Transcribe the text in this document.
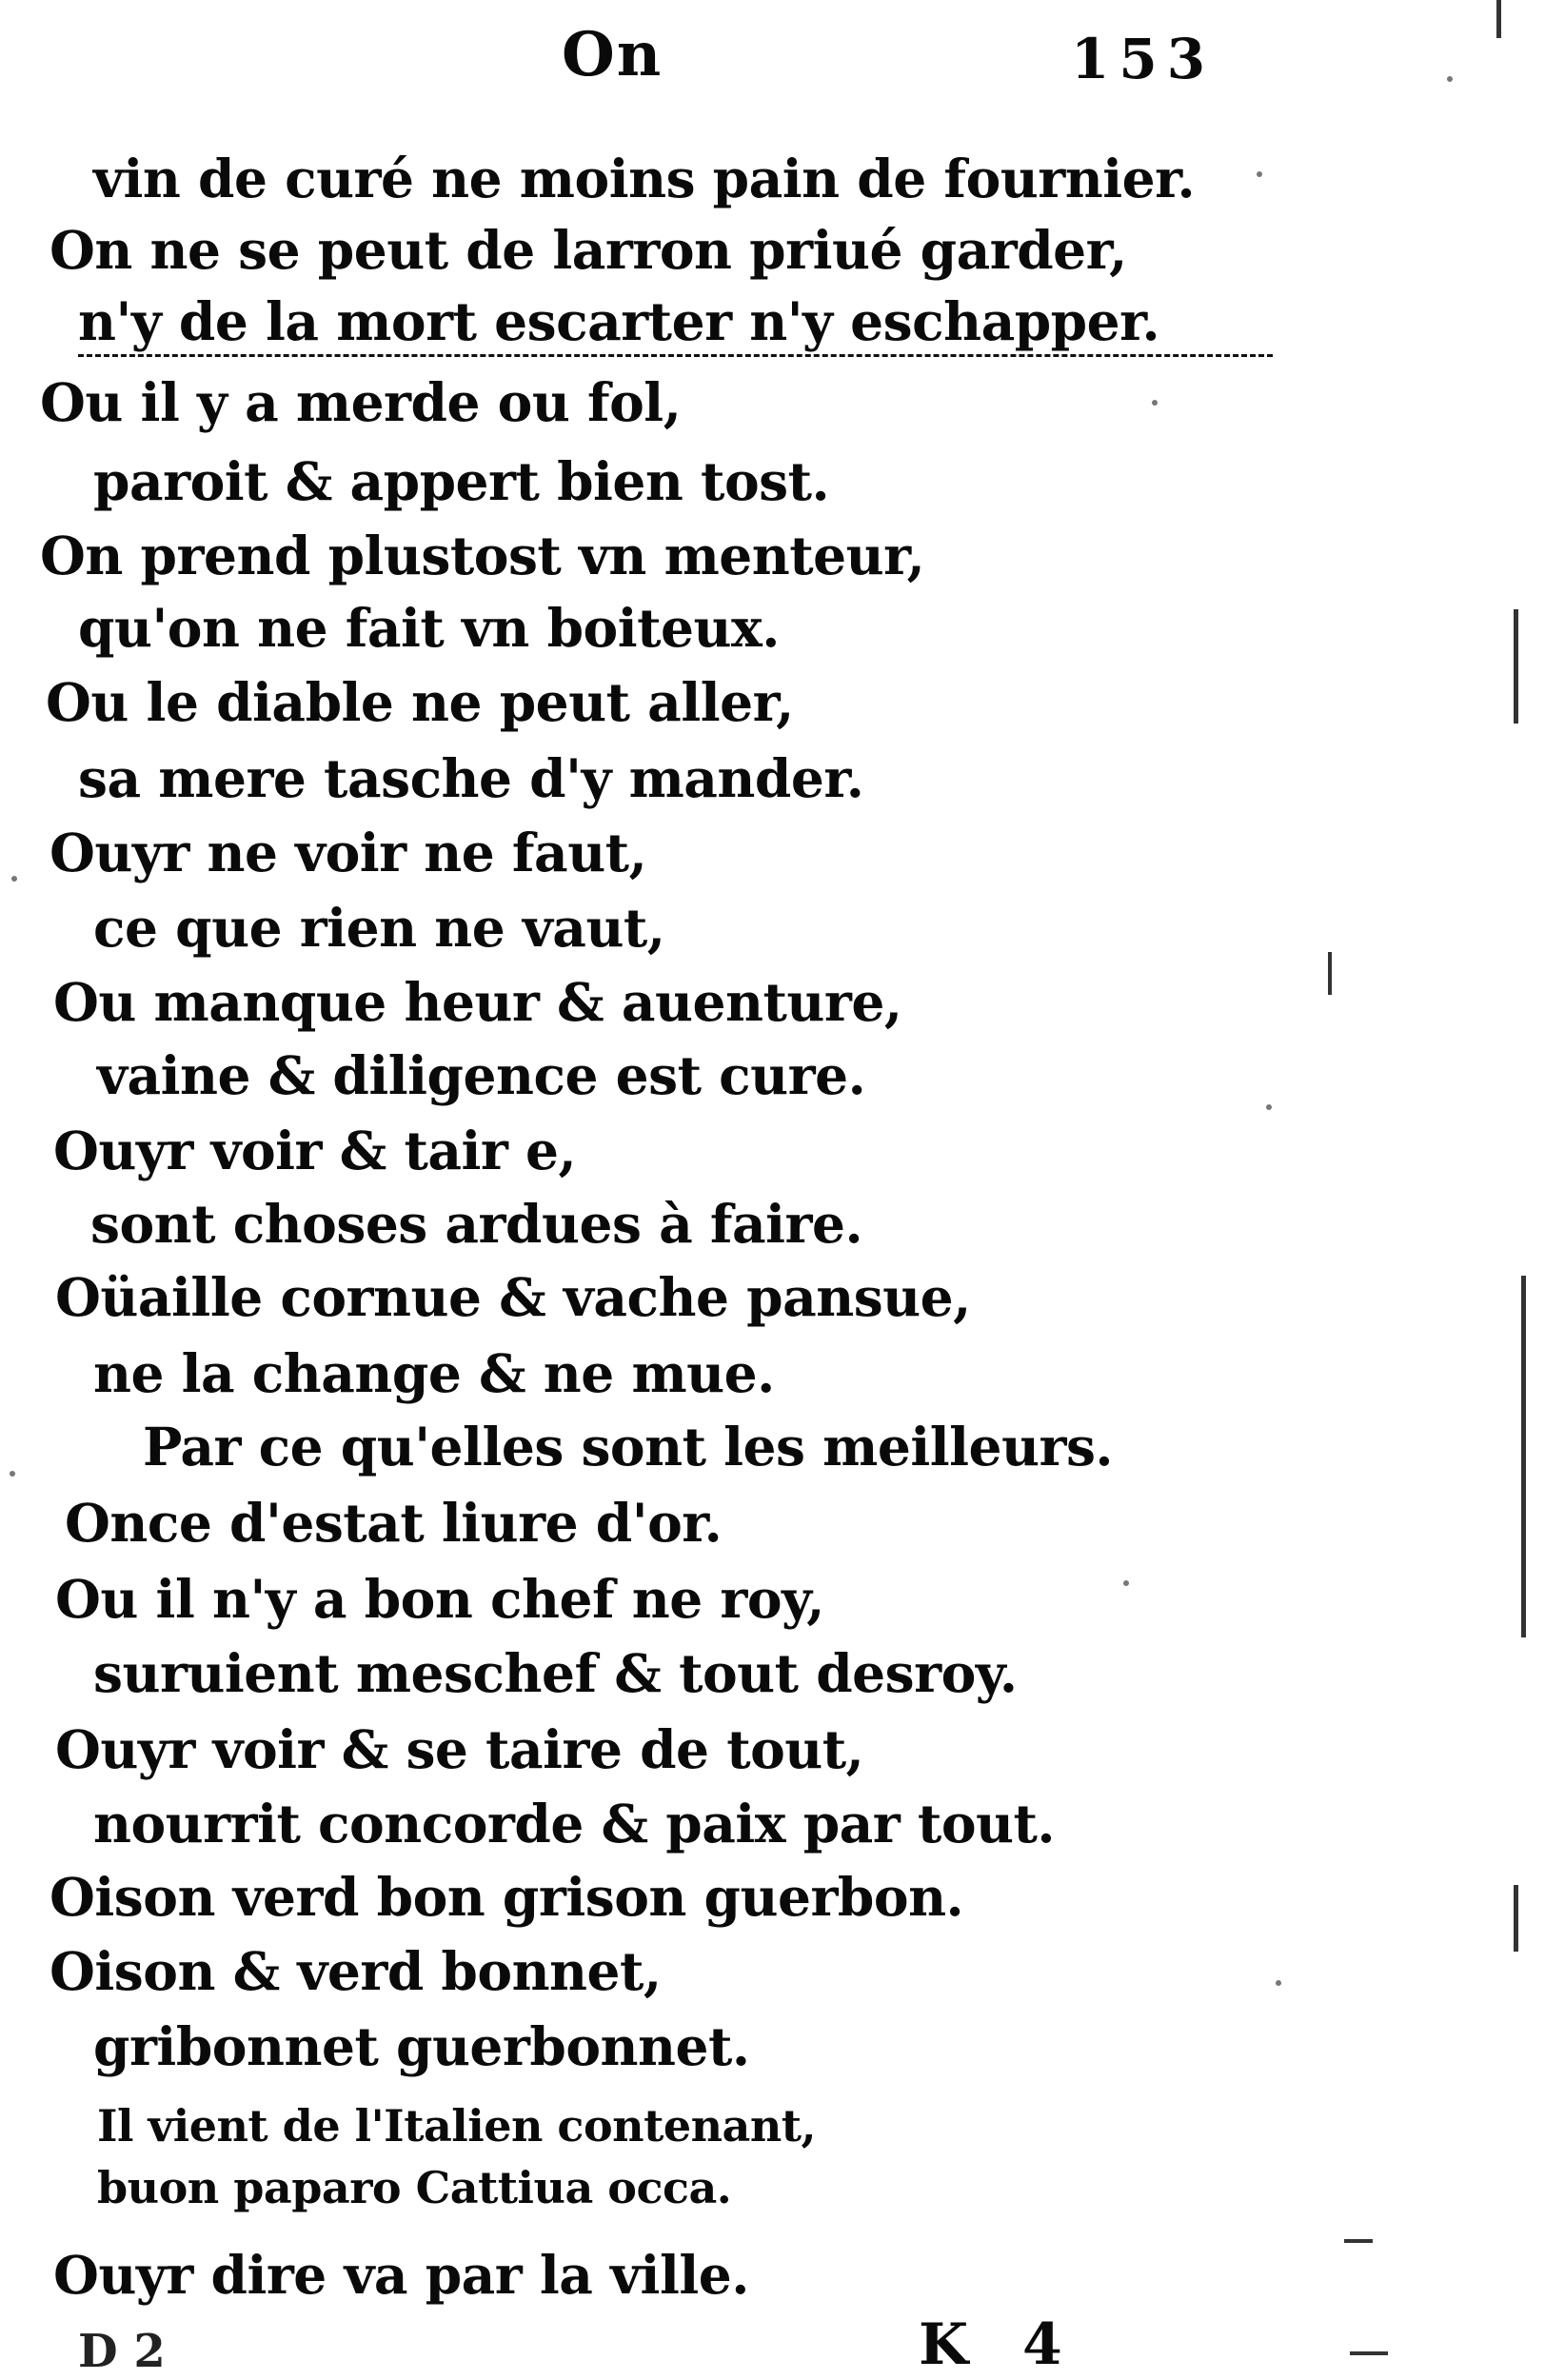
On	153
vin de curé ne moins pain de fournier.
On ne se peut de larron priué garder,
n'y de la mort escarter n'y eschapper.
Ou il y a merde ou fol,
paroit & appert bien tost.
On prend plustost vn menteur,
qu'on ne fait vn boiteux.
Ou le diable ne peut aller,
sa mere tasche d'y mander.
Ouyr ne voir ne faut,
ce que rien ne vaut,
Ou manque heur & auenture,
vaine & diligence est cure.
Ouyr voir & tair e,
sont choses ardues à faire.
Oüaille cornue & vache pansue,
ne la change & ne mue.
Par ce qu'elles sont les meilleurs.
Once d'estat liure d'or.
Ou il n'y a bon chef ne roy,
suruient meschef & tout desroy.
Ouyr voir & se taire de tout,
nourrit concorde & paix par tout.
Oison verd bon grison guerbon.
Oison & verd bonnet,
gribonnet guerbonnet.
Il vient de l'Italien contenant,
buon paparo Cattiua occa.
Ouyr dire va par la ville.
D 2	K 4
